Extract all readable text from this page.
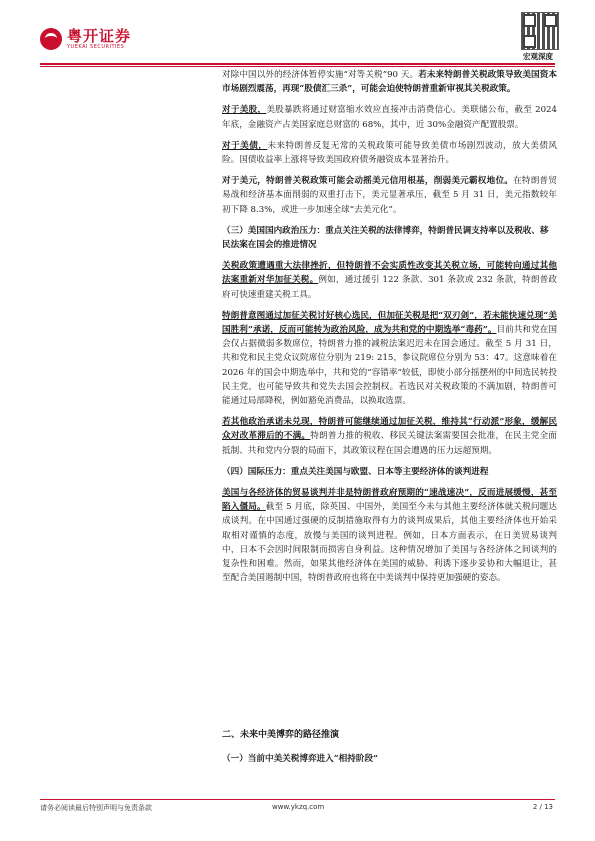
粤开证券
YUEKAI SECURITIES
宏观深度

对除中国以外的经济体暂停实施“对等关税”90 天。若未来特朗普关税政策导致美国资本市场剧烈震荡，再现“股债汇三杀”，可能会迫使特朗普重新审视其关税政策。

对于美股，美股暴跌将通过财富缩水效应直接冲击消费信心。美联储公布，截至 2024 年底，金融资产占美国家庭总财富的 68%，其中，近 30%金融资产配置股票。

对于美债，未来特朗普反复无常的关税政策可能导致美债市场剧烈波动，放大美债风险。国债收益率上涨将导致美国政府债务融资成本显著抬升。

对于美元，特朗普关税政策可能会动摇美元信用根基，削弱美元霸权地位。在特朗普贸易战和经济基本面削弱的双重打击下，美元显著承压，截至 5 月 31 日，美元指数较年初下降 8.3%，或进一步加速全球“去美元化”。

（三）美国国内政治压力：重点关注关税的法律博弈，特朗普民调支持率以及税收、移民法案在国会的推进情况

关税政策遭遇重大法律挫折，但特朗普不会实质性改变其关税立场，可能转向通过其他法案重新对华加征关税。例如，通过援引 122 条款、301 条款或 232 条款，特朗普政府可快速重建关税工具。

特朗普意图通过加征关税讨好核心选民，但加征关税是把“双刃剑”，若未能快速兑现“美国胜利”承诺，反而可能转为政治风险，成为共和党的中期选举“毒药”。目前共和党在国会仅占据微弱多数席位，特朗普力推的减税法案迟迟未在国会通过。截至 5 月 31 日，共和党和民主党众议院席位分别为 219: 215，参议院席位分别为 53：47。这意味着在 2026 年的国会中期选举中，共和党的“容错率”较低，即使小部分摇摆州的中间选民转投民主党，也可能导致共和党失去国会控制权。若选民对关税政策的不满加剧，特朗普可能通过局部降税，例如豁免消费品，以换取选票。

若其他政治承诺未兑现，特朗普可能继续通过加征关税，维持其“行动派”形象，缓解民众对改革滞后的不满。特朗普力推的税收、移民关键法案需要国会批准，在民主党全面抵制、共和党内分裂的局面下，其政策议程在国会遭遇的压力远超预期。

（四）国际压力：重点关注美国与欧盟、日本等主要经济体的谈判进程

美国与各经济体的贸易谈判并非是特朗普政府预期的“速战速决”，反而进展缓慢，甚至陷入僵局。截至 5 月底，除英国、中国外，美国至今未与其他主要经济体就关税问题达成谈判。在中国通过强硬的反制措施取得有力的谈判成果后，其他主要经济体也开始采取相对谨慎的态度，放慢与美国的谈判进程。例如，日本方面表示，在日美贸易谈判中，日本不会因时间限制而损害自身利益。这种情况增加了美国与各经济体之间谈判的复杂性和困难。然而，如果其他经济体在美国的威胁、利诱下逐步妥协和大幅退让，甚至配合美国遏制中国，特朗普政府也将在中美谈判中保持更加强硬的姿态。

二、未来中美博弈的路径推演
（一）当前中美关税博弈进入“相持阶段”
请务必阅读最后特别声明与免责条款	www.ykzq.com	2 / 13
